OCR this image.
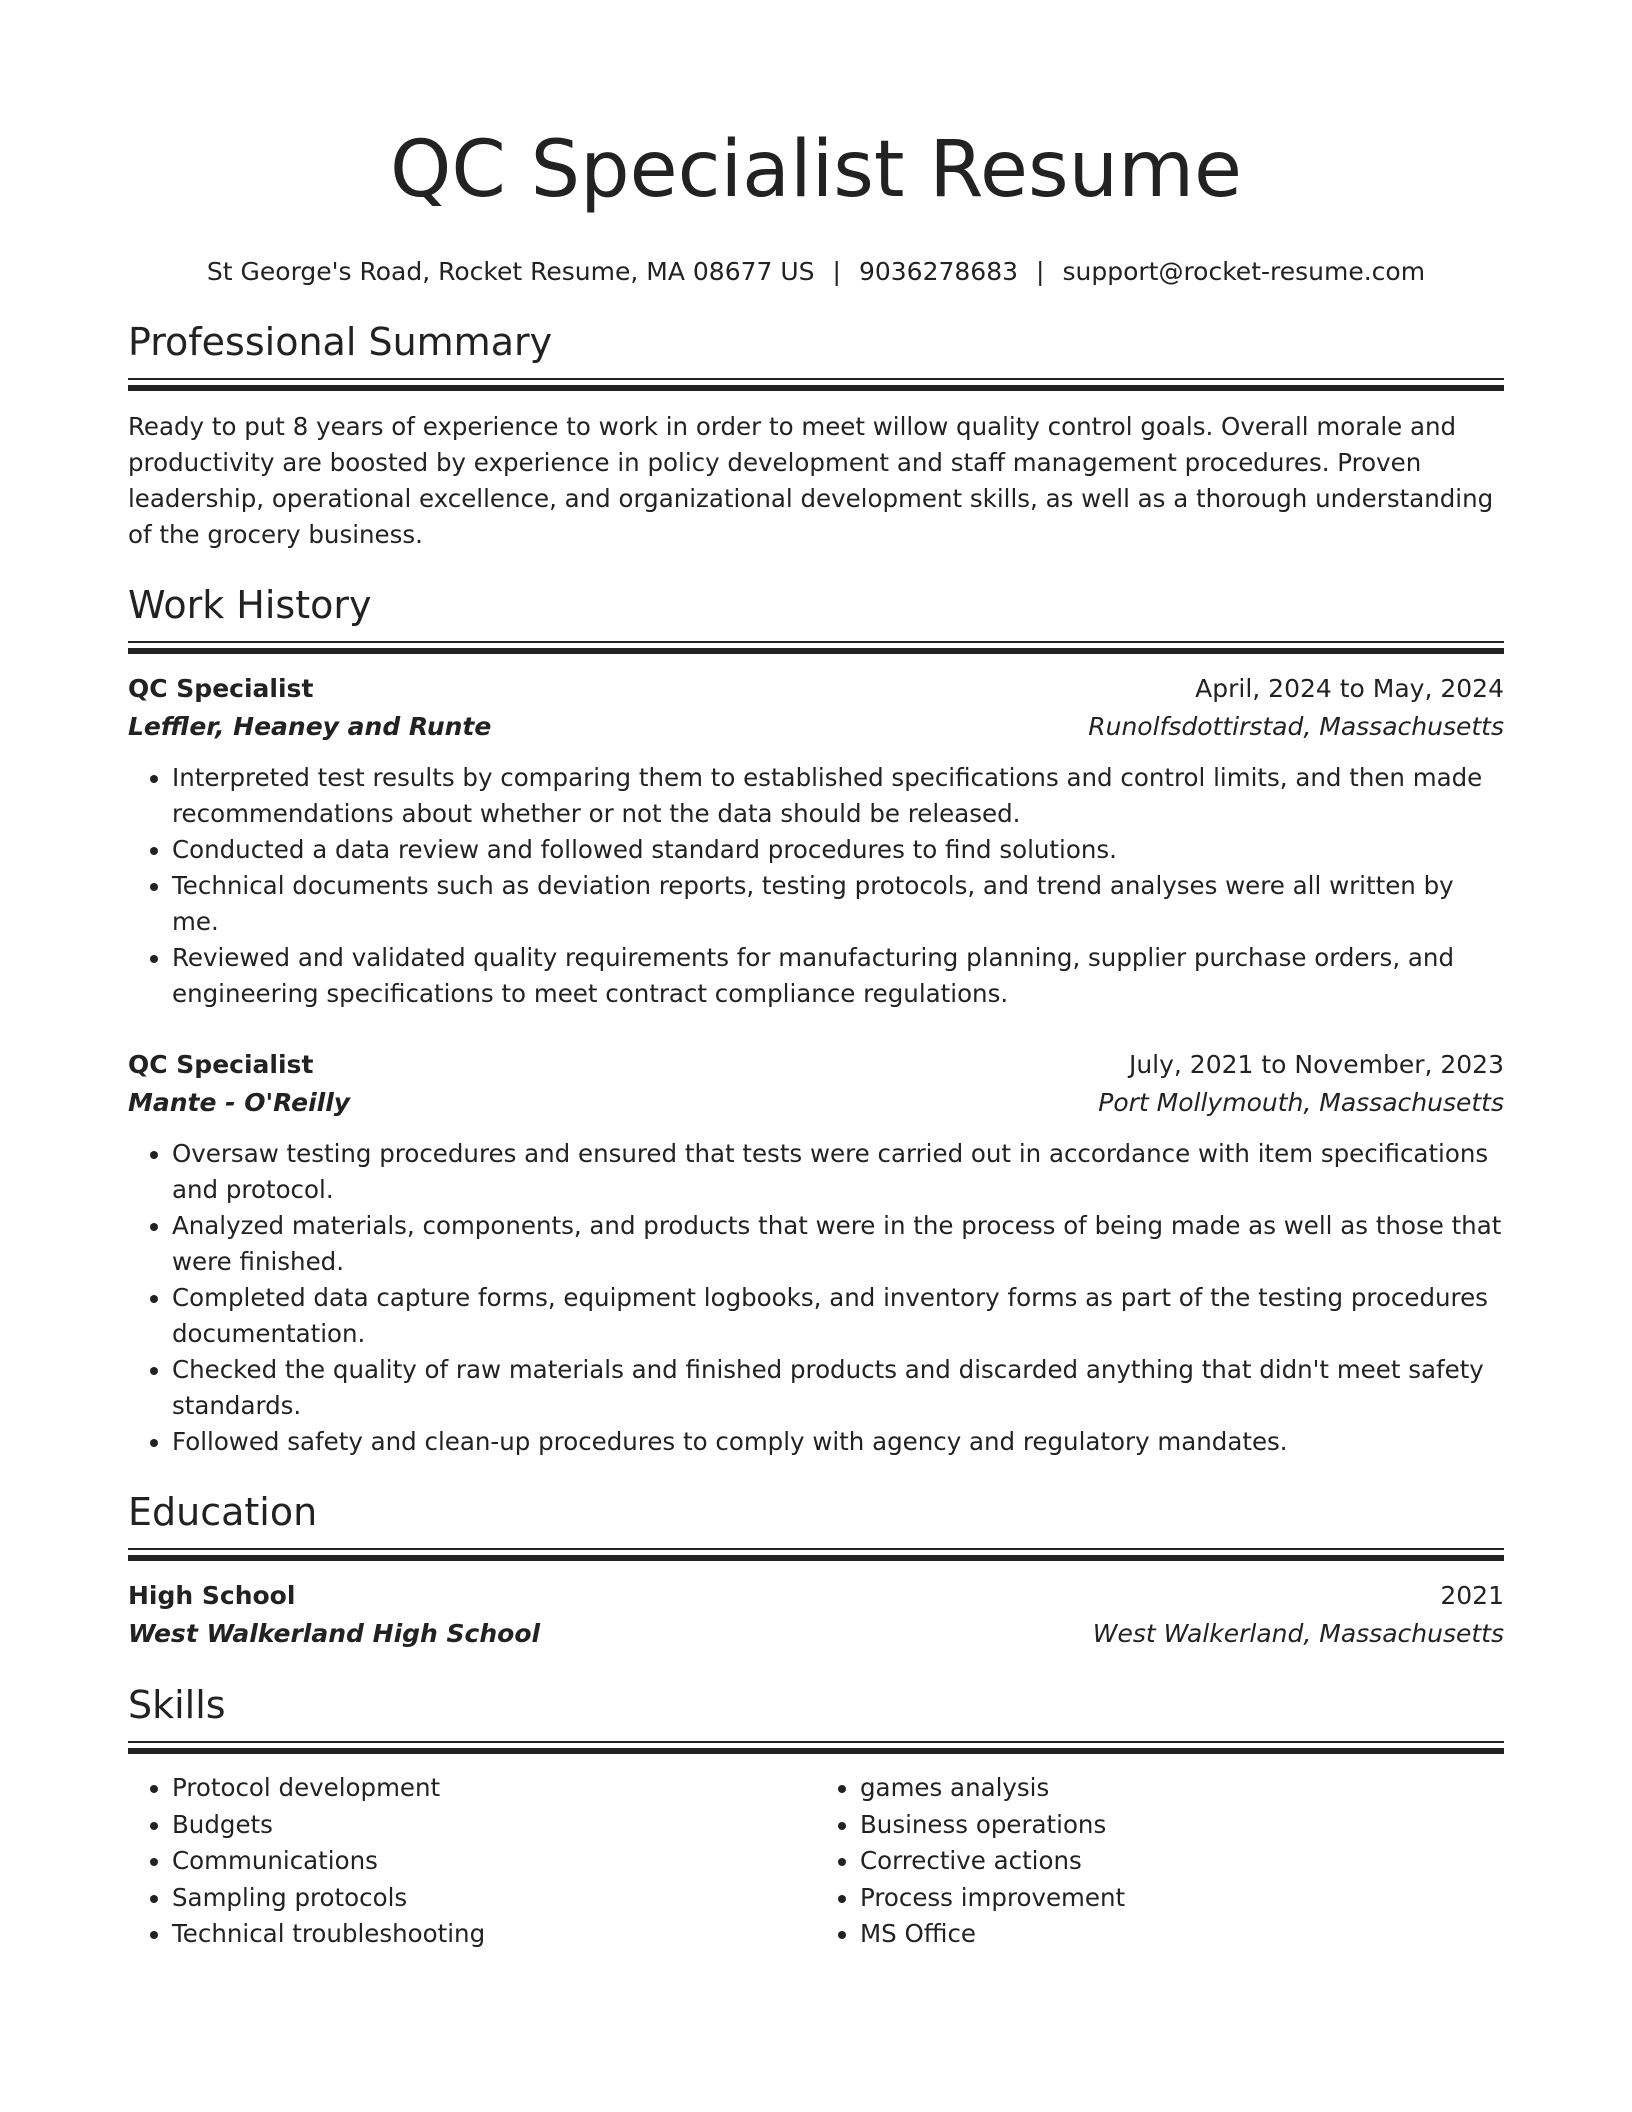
QC Specialist Resume
St George's Road, Rocket Resume, MA 08677 US | 9036278683 | support@rocket-resume.com
Professional Summary
Ready to put 8 years of experience to work in order to meet willow quality control goals. Overall morale and productivity are boosted by experience in policy development and staff management procedures. Proven leadership, operational excellence, and organizational development skills, as well as a thorough understanding of the grocery business.
Work History
QC Specialist	April, 2024 to May, 2024
Leffler, Heaney and Runte	Runolfsdottirstad, Massachusetts
• Interpreted test results by comparing them to established specifications and control limits, and then made recommendations about whether or not the data should be released.
• Conducted a data review and followed standard procedures to find solutions.
• Technical documents such as deviation reports, testing protocols, and trend analyses were all written by me.
• Reviewed and validated quality requirements for manufacturing planning, supplier purchase orders, and engineering specifications to meet contract compliance regulations.
QC Specialist	July, 2021 to November, 2023
Mante - O'Reilly	Port Mollymouth, Massachusetts
• Oversaw testing procedures and ensured that tests were carried out in accordance with item specifications and protocol.
• Analyzed materials, components, and products that were in the process of being made as well as those that were finished.
• Completed data capture forms, equipment logbooks, and inventory forms as part of the testing procedures documentation.
• Checked the quality of raw materials and finished products and discarded anything that didn't meet safety standards.
• Followed safety and clean-up procedures to comply with agency and regulatory mandates.
Education
High School	2021
West Walkerland High School	West Walkerland, Massachusetts
Skills
• Protocol development
• Budgets
• Communications
• Sampling protocols
• Technical troubleshooting
• games analysis
• Business operations
• Corrective actions
• Process improvement
• MS Office
